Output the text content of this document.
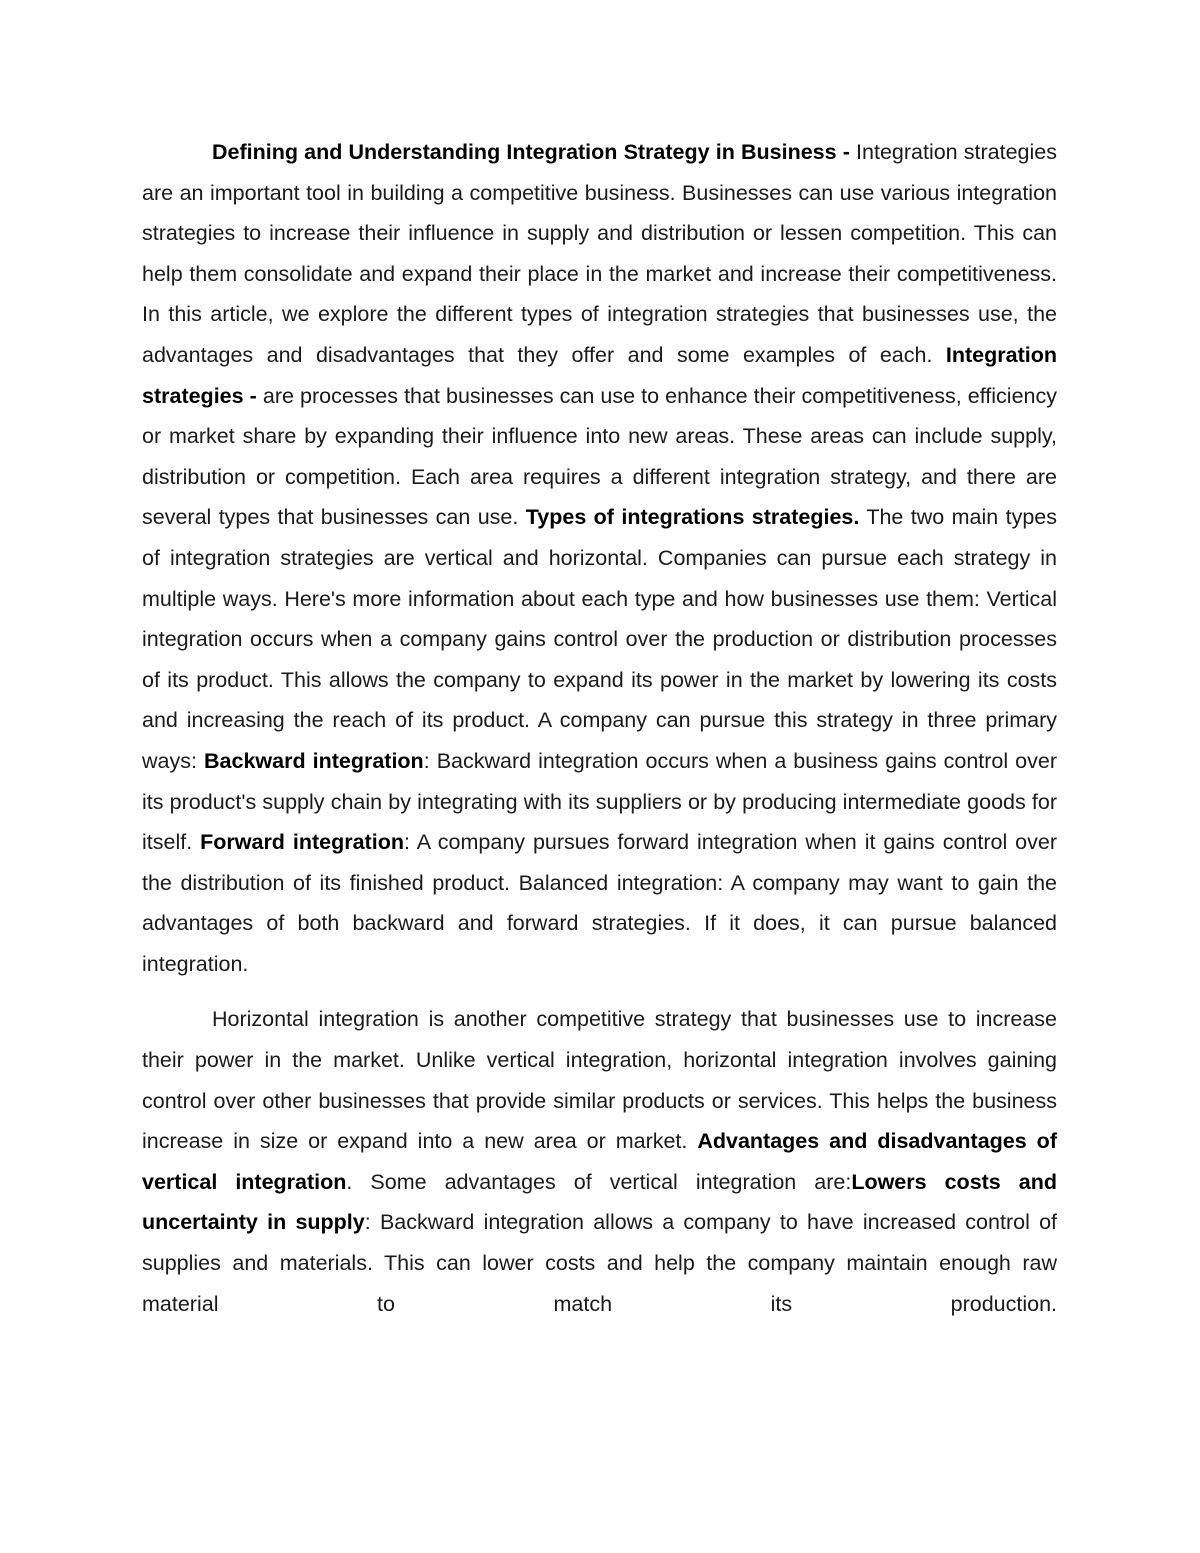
Defining and Understanding Integration Strategy in Business - Integration strategies are an important tool in building a competitive business. Businesses can use various integration strategies to increase their influence in supply and distribution or lessen competition. This can help them consolidate and expand their place in the market and increase their competitiveness. In this article, we explore the different types of integration strategies that businesses use, the advantages and disadvantages that they offer and some examples of each. Integration strategies - are processes that businesses can use to enhance their competitiveness, efficiency or market share by expanding their influence into new areas. These areas can include supply, distribution or competition. Each area requires a different integration strategy, and there are several types that businesses can use. Types of integrations strategies. The two main types of integration strategies are vertical and horizontal. Companies can pursue each strategy in multiple ways. Here's more information about each type and how businesses use them: Vertical integration occurs when a company gains control over the production or distribution processes of its product. This allows the company to expand its power in the market by lowering its costs and increasing the reach of its product. A company can pursue this strategy in three primary ways: Backward integration: Backward integration occurs when a business gains control over its product's supply chain by integrating with its suppliers or by producing intermediate goods for itself. Forward integration: A company pursues forward integration when it gains control over the distribution of its finished product. Balanced integration: A company may want to gain the advantages of both backward and forward strategies. If it does, it can pursue balanced integration.

Horizontal integration is another competitive strategy that businesses use to increase their power in the market. Unlike vertical integration, horizontal integration involves gaining control over other businesses that provide similar products or services. This helps the business increase in size or expand into a new area or market. Advantages and disadvantages of vertical integration. Some advantages of vertical integration are:Lowers costs and uncertainty in supply: Backward integration allows a company to have increased control of supplies and materials. This can lower costs and help the company maintain enough raw material to match its production.
